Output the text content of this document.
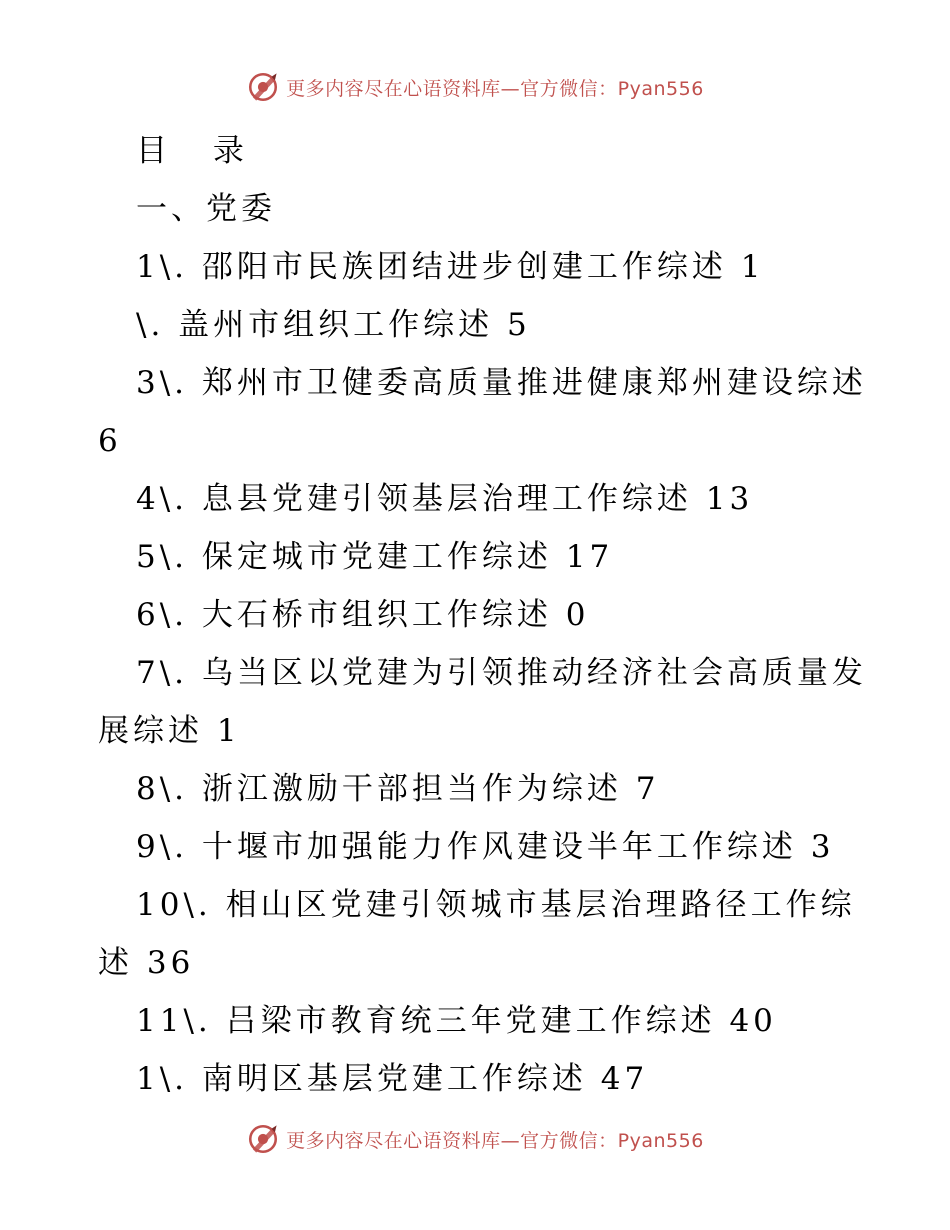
更多内容尽在心语资料库—官方微信：Pyan556
目 录
一、党委
1\. 邵阳市民族团结进步创建工作综述 1
\. 盖州市组织工作综述 5
3\. 郑州市卫健委高质量推进健康郑州建设综述
6
4\. 息县党建引领基层治理工作综述 13
5\. 保定城市党建工作综述 17
6\. 大石桥市组织工作综述 0
7\. 乌当区以党建为引领推动经济社会高质量发
展综述 1
8\. 浙江激励干部担当作为综述 7
9\. 十堰市加强能力作风建设半年工作综述 3
10\. 相山区党建引领城市基层治理路径工作综
述 36
11\. 吕梁市教育统三年党建工作综述 40
1\. 南明区基层党建工作综述 47
更多内容尽在心语资料库—官方微信：Pyan556
